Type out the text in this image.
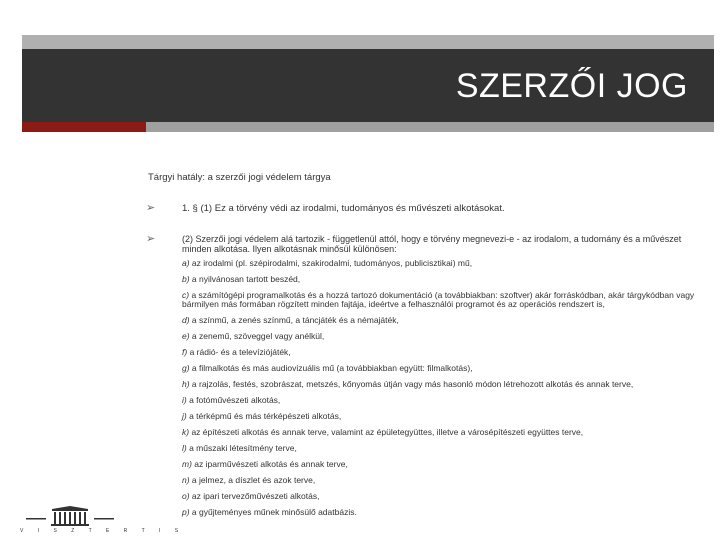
SZERZŐI JOG
Tárgyi hatály: a szerzői jogi védelem tárgya
➢	1. § (1) Ez a törvény védi az irodalmi, tudományos és művészeti alkotásokat.
➢	(2) Szerzői jogi védelem alá tartozik - függetlenül attól, hogy e törvény megnevezi-e - az irodalom, a tudomány és a művészet minden alkotása. Ilyen alkotásnak minősül különösen:
a) az irodalmi (pl. szépirodalmi, szakirodalmi, tudományos, publicisztikai) mű,
b) a nyilvánosan tartott beszéd,
c) a számítógépi programalkotás és a hozzá tartozó dokumentáció (a továbbiakban: szoftver) akár forráskódban, akár tárgykódban vagy bármilyen más formában rögzített minden fajtája, ideértve a felhasználói programot és az operációs rendszert is,
d) a színmű, a zenés színmű, a táncjáték és a némajáték,
e) a zenemű, szöveggel vagy anélkül,
f) a rádió- és a televíziójáték,
g) a filmalkotás és más audiovizuális mű (a továbbiakban együtt: filmalkotás),
h) a rajzolás, festés, szobrászat, metszés, kőnyomás útján vagy más hasonló módon létrehozott alkotás és annak terve,
i) a fotóművészeti alkotás,
j) a térképmű és más térképészeti alkotás,
k) az építészeti alkotás és annak terve, valamint az épületegyüttes, illetve a városépítészeti együttes terve,
l) a műszaki létesítmény terve,
m) az iparművészeti alkotás és annak terve,
n) a jelmez, a díszlet és azok terve,
o) az ipari tervezőművészeti alkotás,
p) a gyűjteményes műnek minősülő adatbázis.
V I S Z T E R T I S
